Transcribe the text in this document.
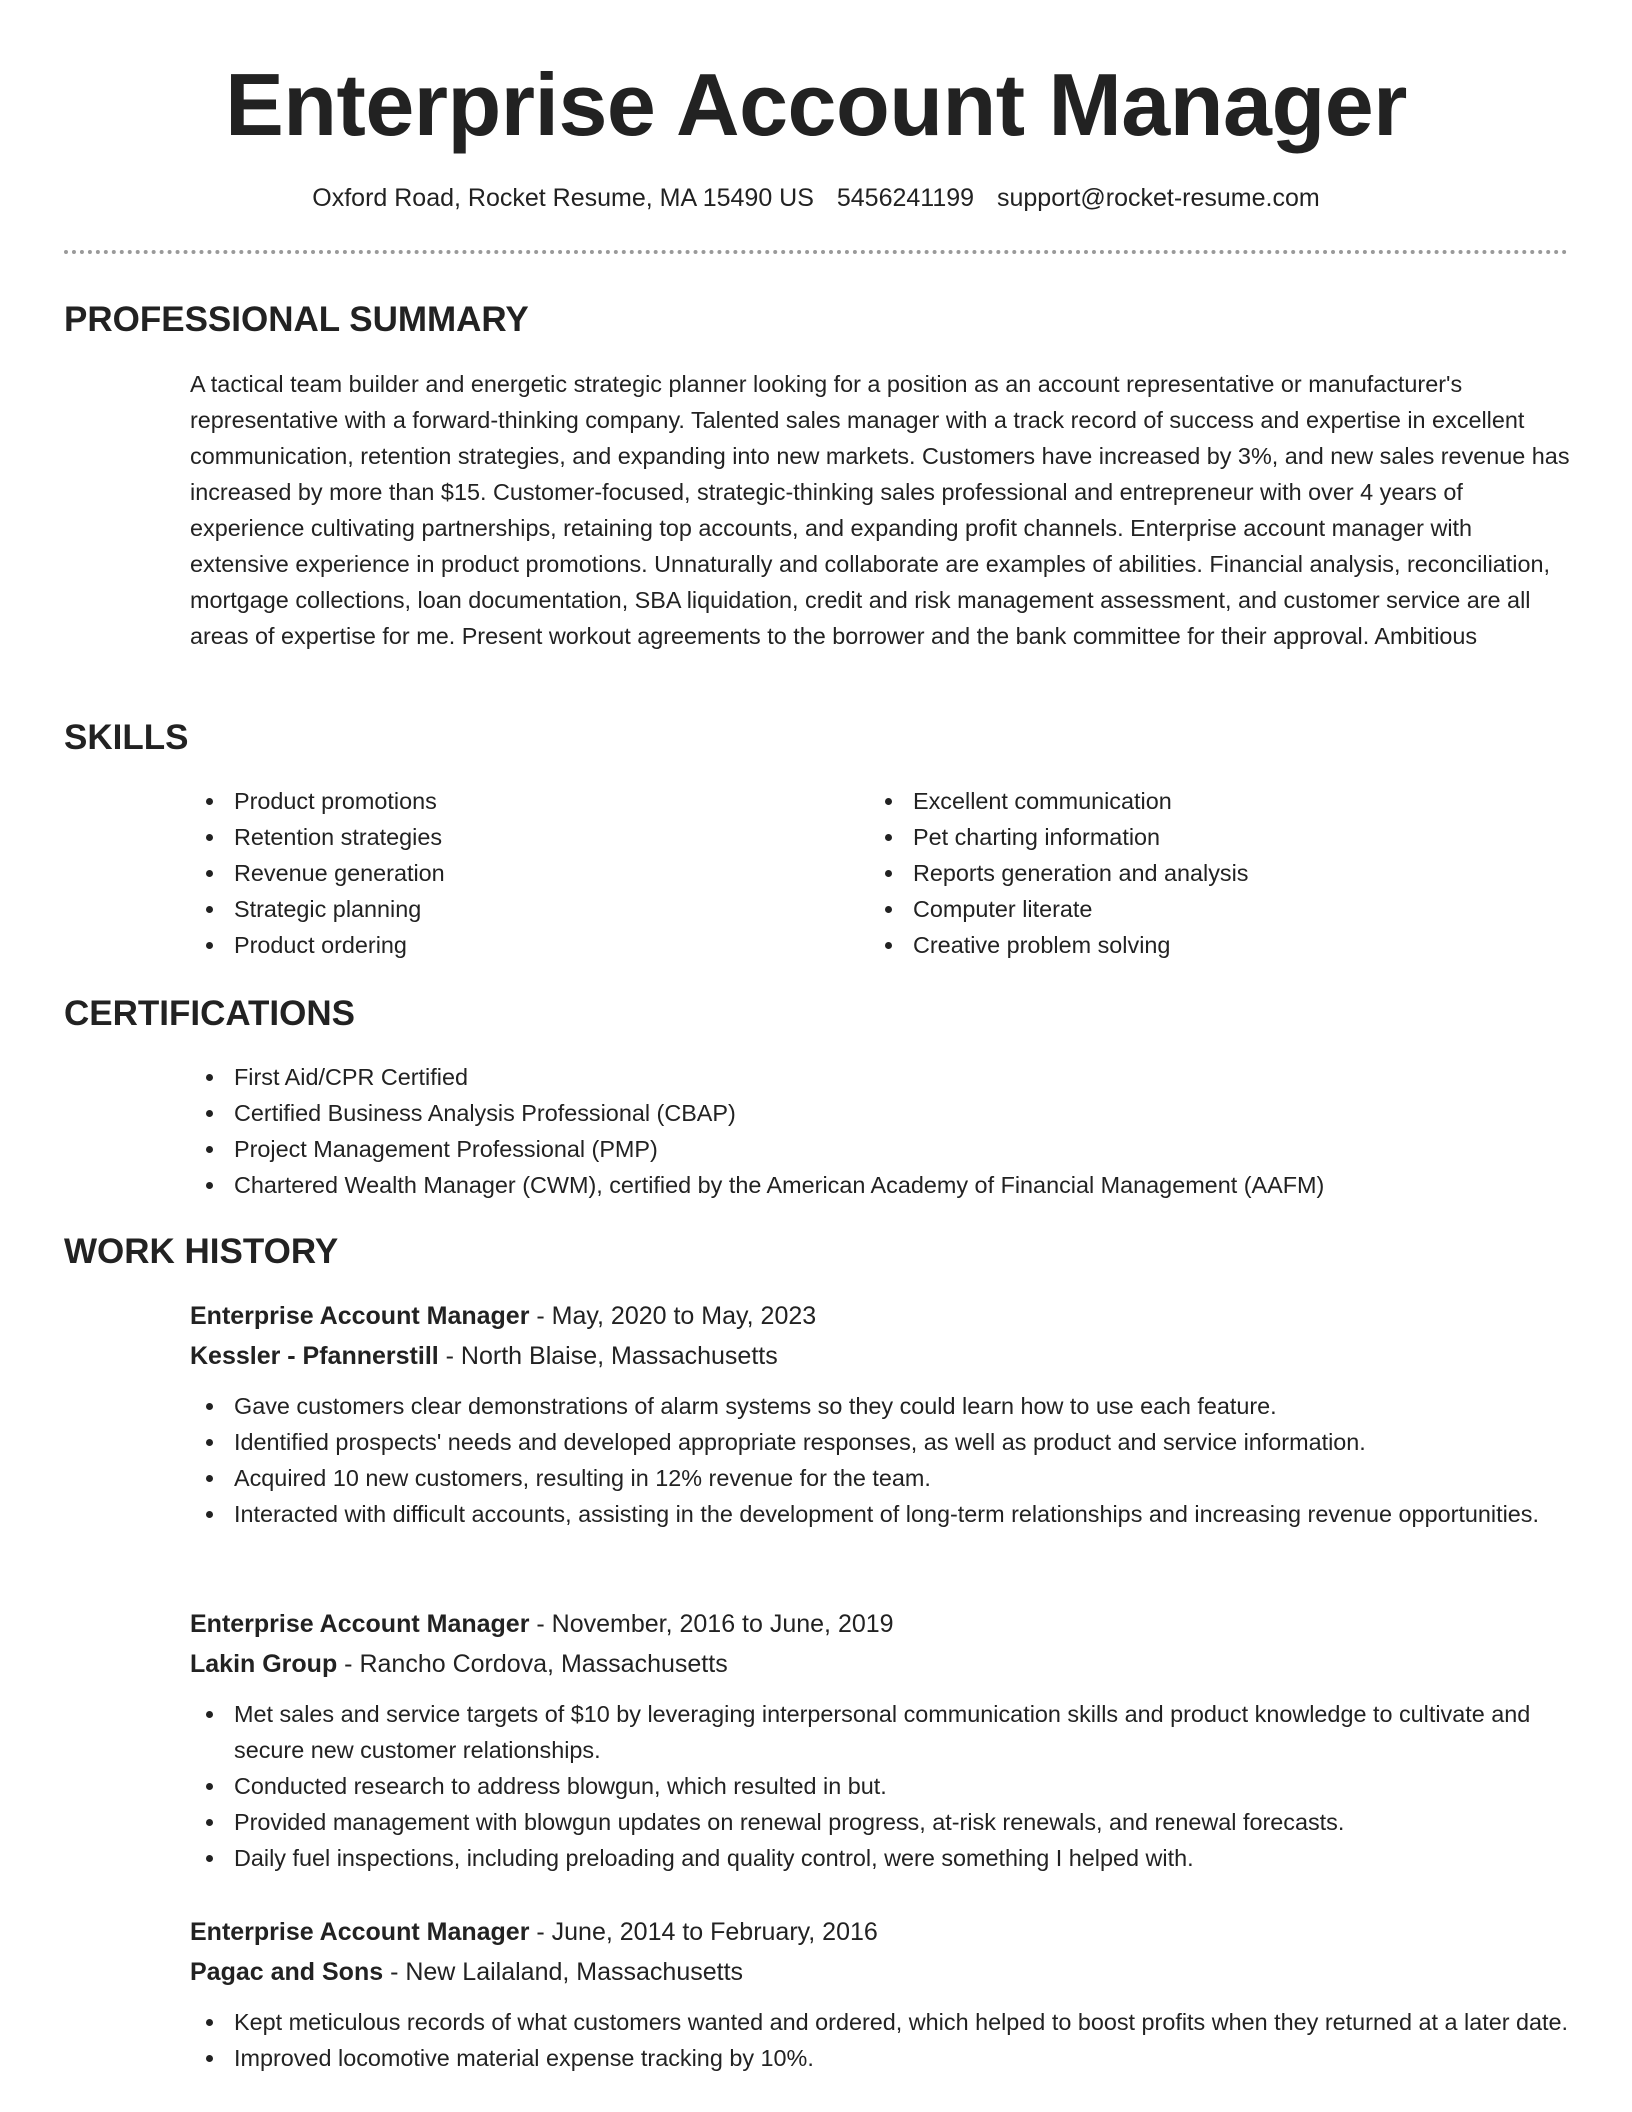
Enterprise Account Manager
Oxford Road, Rocket Resume, MA 15490 US 5456241199 support@rocket-resume.com
PROFESSIONAL SUMMARY

A tactical team builder and energetic strategic planner looking for a position as an account representative or manufacturer's representative with a forward-thinking company. Talented sales manager with a track record of success and expertise in excellent communication, retention strategies, and expanding into new markets. Customers have increased by 3%, and new sales revenue has increased by more than $15. Customer-focused, strategic-thinking sales professional and entrepreneur with over 4 years of experience cultivating partnerships, retaining top accounts, and expanding profit channels. Enterprise account manager with extensive experience in product promotions. Unnaturally and collaborate are examples of abilities. Financial analysis, reconciliation, mortgage collections, loan documentation, SBA liquidation, credit and risk management assessment, and customer service are all areas of expertise for me. Present workout agreements to the borrower and the bank committee for their approval. Ambitious

SKILLS
Product promotions
Retention strategies
Revenue generation
Strategic planning
Product ordering
Excellent communication
Pet charting information
Reports generation and analysis
Computer literate
Creative problem solving
CERTIFICATIONS
First Aid/CPR Certified
Certified Business Analysis Professional (CBAP)
Project Management Professional (PMP)
Chartered Wealth Manager (CWM), certified by the American Academy of Financial Management (AAFM)
WORK HISTORY
Enterprise Account Manager - May, 2020 to May, 2023
Kessler - Pfannerstill - North Blaise, Massachusetts
Gave customers clear demonstrations of alarm systems so they could learn how to use each feature.
Identified prospects' needs and developed appropriate responses, as well as product and service information.
Acquired 10 new customers, resulting in 12% revenue for the team.
Interacted with difficult accounts, assisting in the development of long-term relationships and increasing revenue opportunities.
Enterprise Account Manager - November, 2016 to June, 2019
Lakin Group - Rancho Cordova, Massachusetts
Met sales and service targets of $10 by leveraging interpersonal communication skills and product knowledge to cultivate and secure new customer relationships.
Conducted research to address blowgun, which resulted in but.
Provided management with blowgun updates on renewal progress, at-risk renewals, and renewal forecasts.
Daily fuel inspections, including preloading and quality control, were something I helped with.
Enterprise Account Manager - June, 2014 to February, 2016
Pagac and Sons - New Lailaland, Massachusetts
Kept meticulous records of what customers wanted and ordered, which helped to boost profits when they returned at a later date.
Improved locomotive material expense tracking by 10%.
